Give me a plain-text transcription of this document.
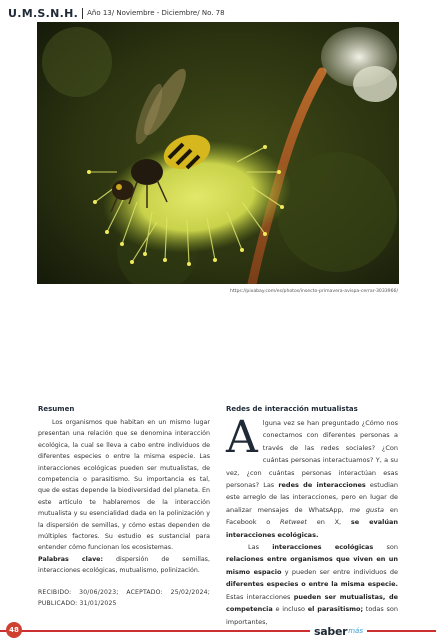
U.M.S.N.H. Año 13/ Noviembre - Diciembre/ No. 78
https://pixabay.com/es/photos/insecto-primavera-avispa-cerrar-3033966/
Resumen

Los organismos que habitan en un mismo lugar presentan una relación que se denomina interacción ecológica, la cual se lleva a cabo entre individuos de diferentes especies o entre la misma especie. Las interacciones ecológicas pueden ser mutualistas, de competencia o parasitismo. Su importancia es tal, que de estas depende la biodiversidad del planeta. En este artículo te hablaremos de la interacción mutualista y su esencialidad dada en la polinización y la dispersión de semillas, y cómo estas dependen de múltiples factores. Su estudio es sustancial para entender cómo funcionan los ecosistemas.

Palabras clave: dispersión de semillas, interacciones ecológicas, mutualismo, polinización.
RECIBIDO: 30/06/2023; ACEPTADO: 25/02/2024; PUBLICADO: 31/01/2025
Redes de interacción mutualistas

Alguna vez se han preguntado ¿Cómo nos conectamos con diferentes personas a través de las redes sociales? ¿Con cuántas personas interactuamos? Y, a su vez, ¿con cuántas personas interactúan esas personas? Las redes de interacciones estudian este arreglo de las interacciones, pero en lugar de analizar mensajes de WhatsApp, me gusta en Facebook o Retweet en X, se evalúan interacciones ecológicas.

Las interacciones ecológicas son relaciones entre organismos que viven en un mismo espacio y pueden ser entre individuos de diferentes especies o entre la misma especie. Estas interacciones pueden ser mutualistas, de competencia e incluso el parasitismo; todas son importantes,

48	saber más
